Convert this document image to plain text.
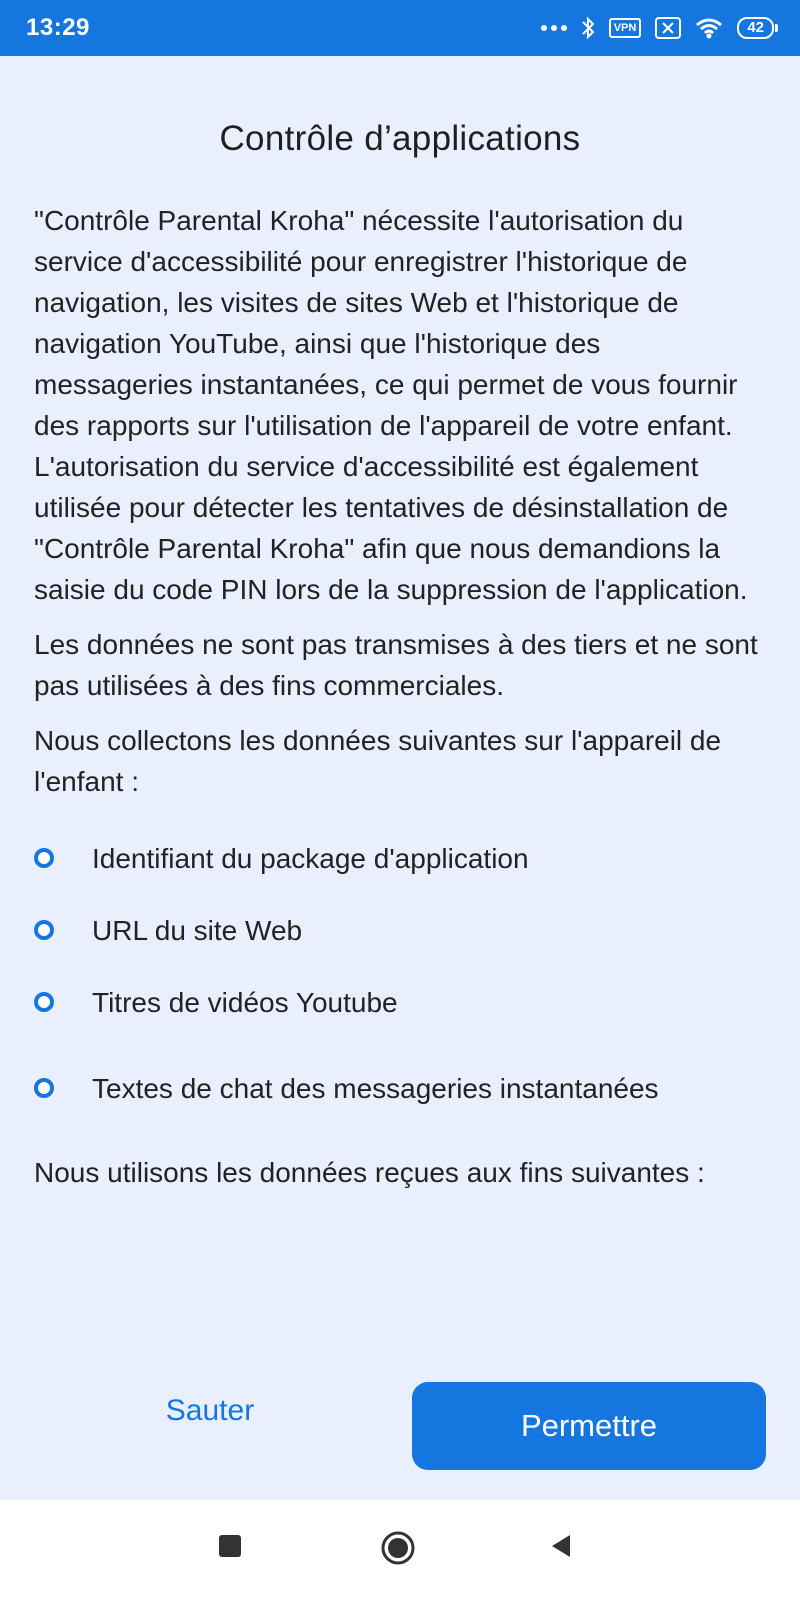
13:29	VPN	42
Contrôle d’applications

"Contrôle Parental Kroha" nécessite l'autorisation du service d'accessibilité pour enregistrer l'historique de navigation, les visites de sites Web et l'historique de navigation YouTube, ainsi que l'historique des messageries instantanées, ce qui permet de vous fournir des rapports sur l'utilisation de l'appareil de votre enfant. L'autorisation du service d'accessibilité est également utilisée pour détecter les tentatives de désinstallation de "Contrôle Parental Kroha" afin que nous demandions la saisie du code PIN lors de la suppression de l'application.

Les données ne sont pas transmises à des tiers et ne sont pas utilisées à des fins commerciales.

Nous collectons les données suivantes sur l'appareil de l'enfant :

Identifiant du package d'application
URL du site Web
Titres de vidéos Youtube
Textes de chat des messageries instantanées

Nous utilisons les données reçues aux fins suivantes :

Sauter	Permettre
